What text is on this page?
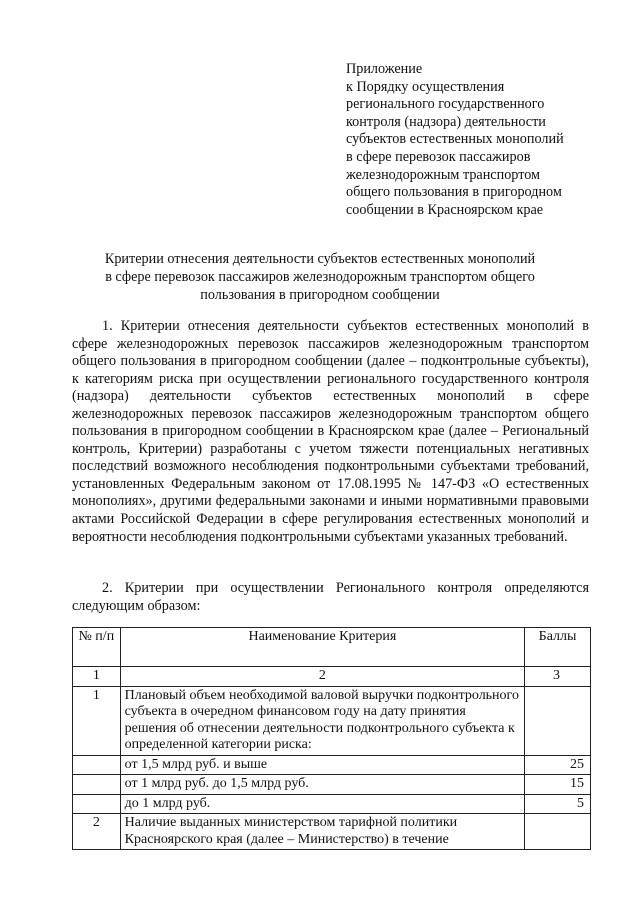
Приложение
к Порядку осуществления
регионального государственного
контроля (надзора) деятельности
субъектов естественных монополий
в сфере перевозок пассажиров
железнодорожным транспортом
общего пользования в пригородном
сообщении в Красноярском крае
Критерии отнесения деятельности субъектов естественных монополий
в сфере перевозок пассажиров железнодорожным транспортом общего
пользования в пригородном сообщении
1. Критерии отнесения деятельности субъектов естественных монополий в сфере железнодорожных перевозок пассажиров железнодорожным транспортом общего пользования в пригородном сообщении (далее – подконтрольные субъекты), к категориям риска при осуществлении регионального государственного контроля (надзора) деятельности субъектов естественных монополий в сфере железнодорожных перевозок пассажиров железнодорожным транспортом общего пользования в пригородном сообщении в Красноярском крае (далее – Региональный контроль, Критерии) разработаны с учетом тяжести потенциальных негативных последствий возможного несоблюдения подконтрольными субъектами требований, установленных Федеральным законом от 17.08.1995 № 147-ФЗ «О естественных монополиях», другими федеральными законами и иными нормативными правовыми актами Российской Федерации в сфере регулирования естественных монополий и вероятности несоблюдения подконтрольными субъектами указанных требований.
2. Критерии при осуществлении Регионального контроля определяются следующим образом:
№ п/п	Наименование Критерия	Баллы
1	2	3
1	Плановый объем необходимой валовой выручки подконтрольного субъекта в очередном финансовом году на дату принятия решения об отнесении деятельности подконтрольного субъекта к определенной категории риска:	
	от 1,5 млрд руб. и выше	25
	от 1 млрд руб. до 1,5 млрд руб.	15
	до 1 млрд руб.	5
2	Наличие выданных министерством тарифной политики Красноярского края (далее – Министерство) в течение	
